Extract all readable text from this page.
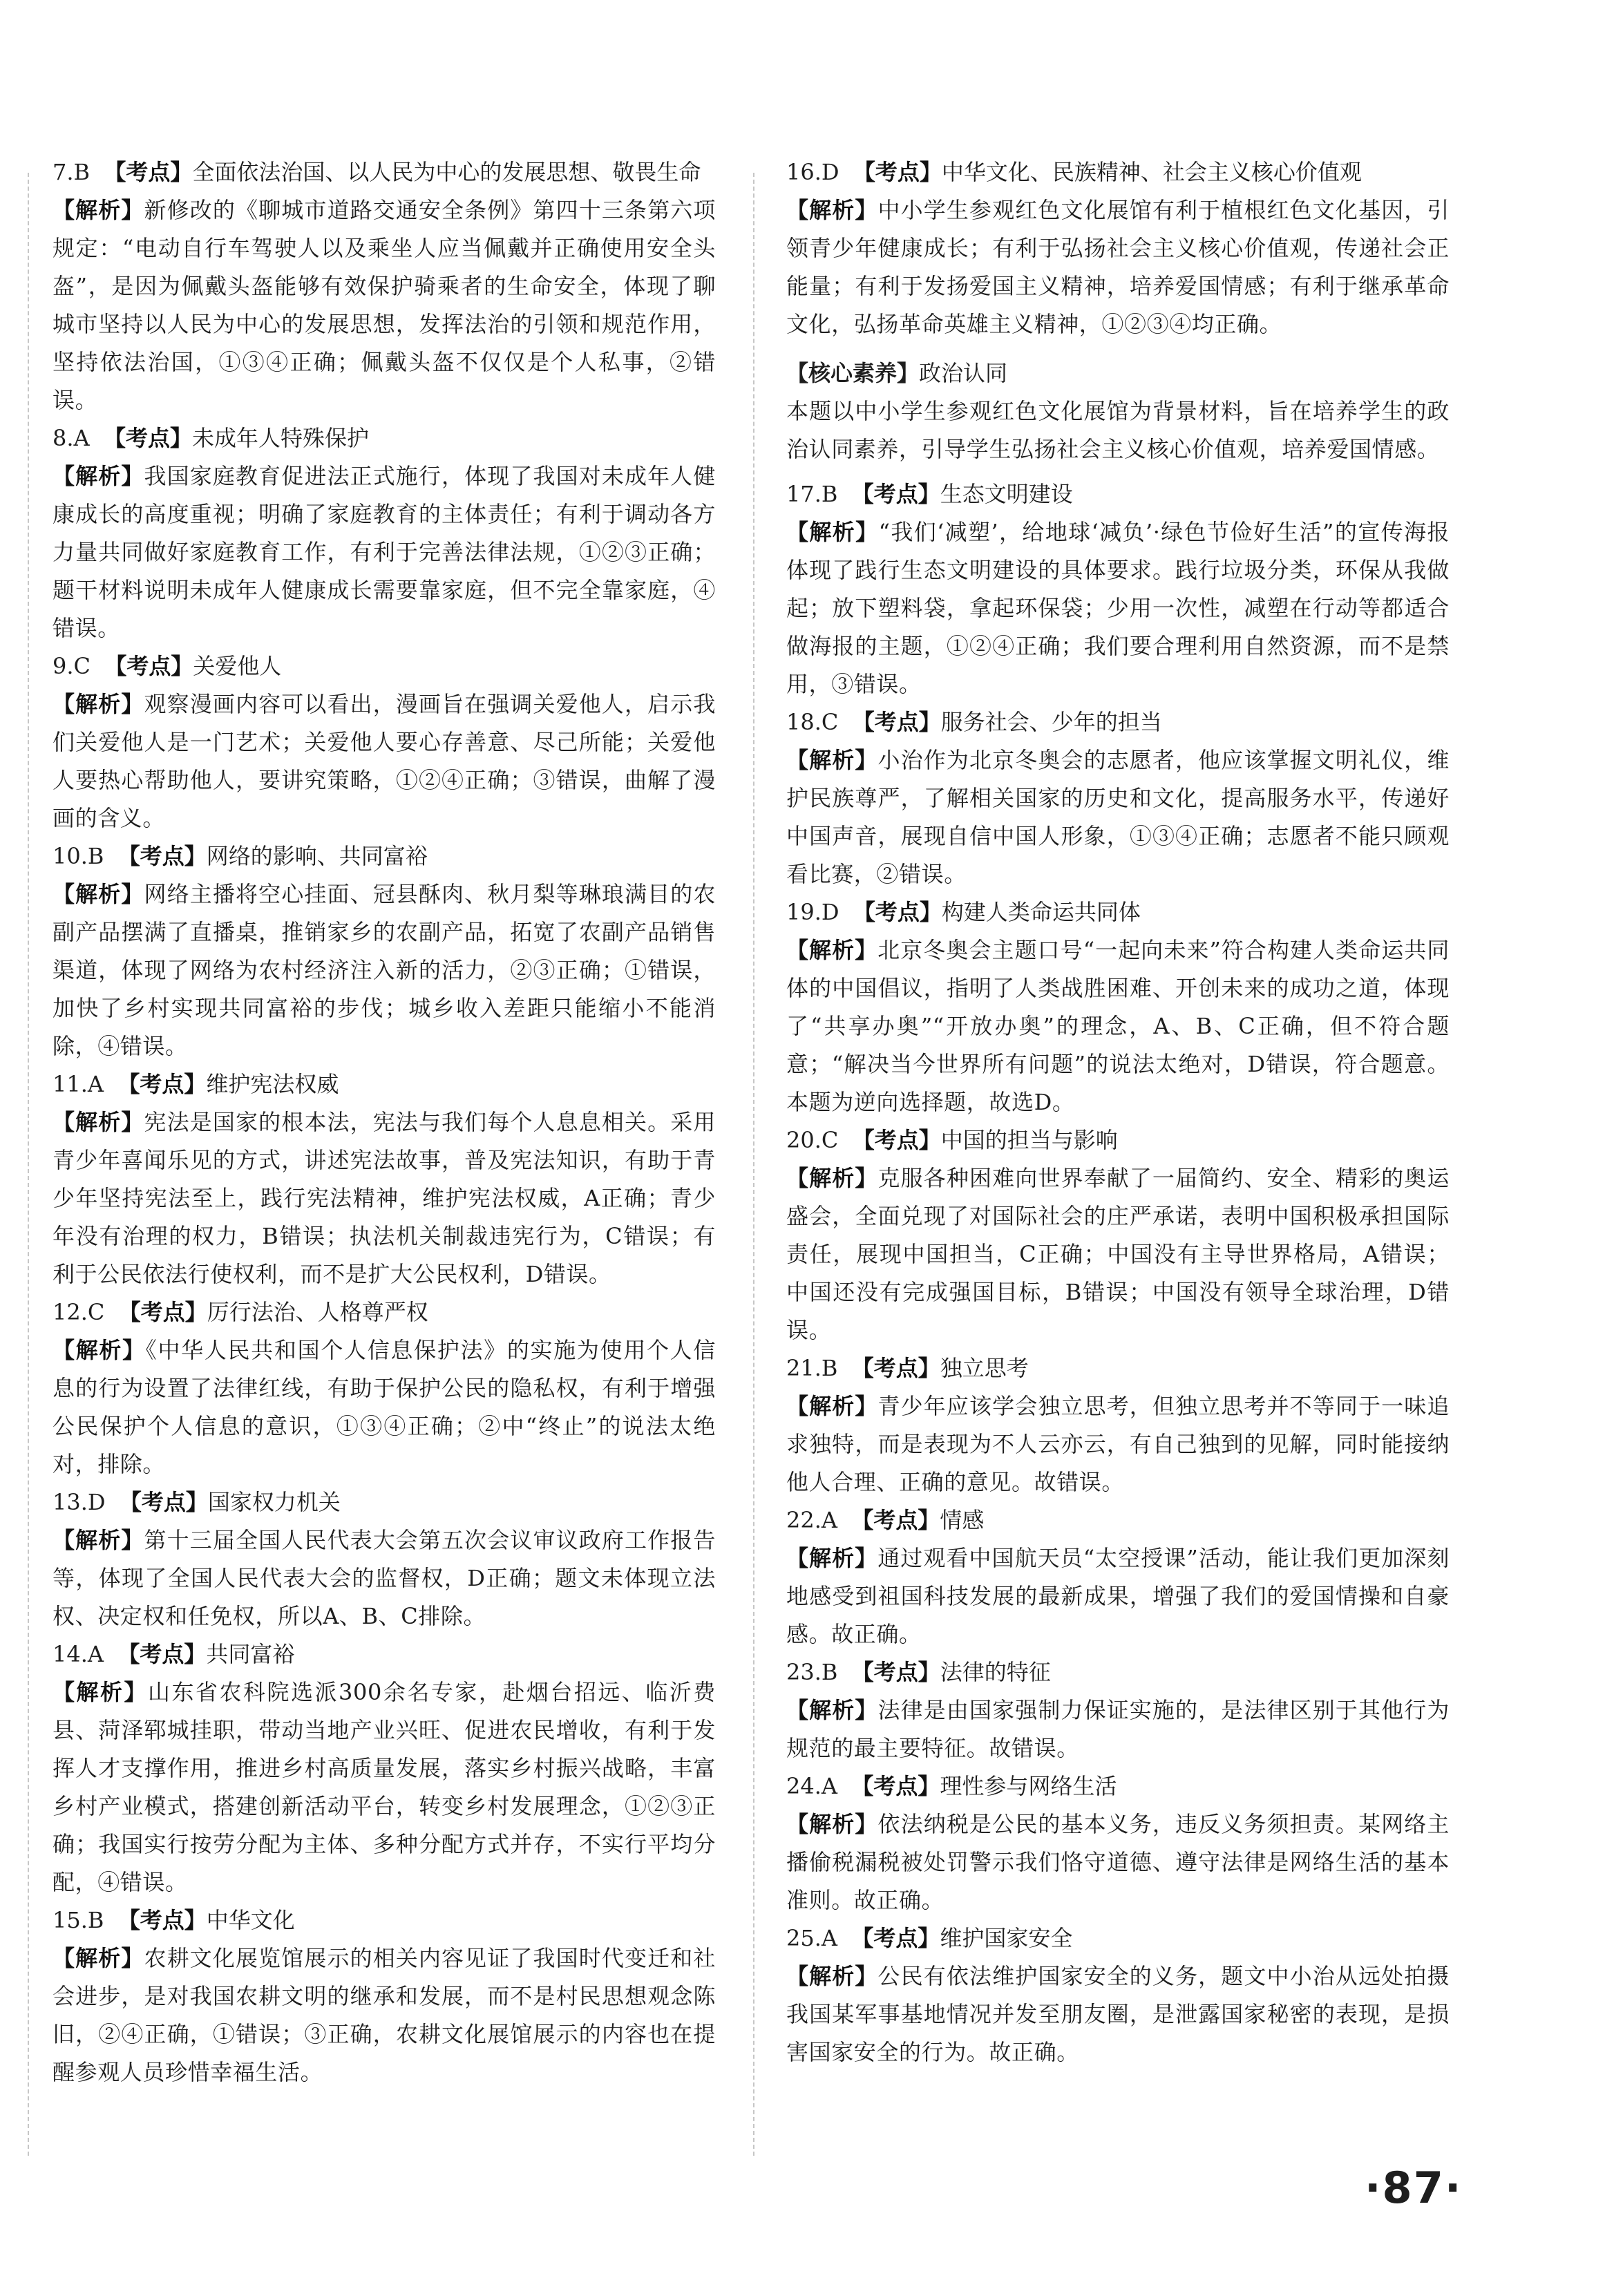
7.B 【考点】全面依法治国、以人民为中心的发展思想、敬畏生命
【解析】新修改的《聊城市道路交通安全条例》第四十三条第六项规定：“电动自行车驾驶人以及乘坐人应当佩戴并正确使用安全头盔”，是因为佩戴头盔能够有效保护骑乘者的生命安全，体现了聊城市坚持以人民为中心的发展思想，发挥法治的引领和规范作用，坚持依法治国，①③④正确；佩戴头盔不仅仅是个人私事，②错误。
8.A 【考点】未成年人特殊保护
【解析】我国家庭教育促进法正式施行，体现了我国对未成年人健康成长的高度重视；明确了家庭教育的主体责任；有利于调动各方力量共同做好家庭教育工作，有利于完善法律法规，①②③正确；题干材料说明未成年人健康成长需要靠家庭，但不完全靠家庭，④错误。
9.C 【考点】关爱他人
【解析】观察漫画内容可以看出，漫画旨在强调关爱他人，启示我们关爱他人是一门艺术；关爱他人要心存善意、尽己所能；关爱他人要热心帮助他人，要讲究策略，①②④正确；③错误，曲解了漫画的含义。
10.B 【考点】网络的影响、共同富裕
【解析】网络主播将空心挂面、冠县酥肉、秋月梨等琳琅满目的农副产品摆满了直播桌，推销家乡的农副产品，拓宽了农副产品销售渠道，体现了网络为农村经济注入新的活力，②③正确；①错误，加快了乡村实现共同富裕的步伐；城乡收入差距只能缩小不能消除，④错误。
11.A 【考点】维护宪法权威
【解析】宪法是国家的根本法，宪法与我们每个人息息相关。采用青少年喜闻乐见的方式，讲述宪法故事，普及宪法知识，有助于青少年坚持宪法至上，践行宪法精神，维护宪法权威，A正确；青少年没有治理的权力，B错误；执法机关制裁违宪行为，C错误；有利于公民依法行使权利，而不是扩大公民权利，D错误。
12.C 【考点】厉行法治、人格尊严权
【解析】《中华人民共和国个人信息保护法》的实施为使用个人信息的行为设置了法律红线，有助于保护公民的隐私权，有利于增强公民保护个人信息的意识，①③④正确；②中“终止”的说法太绝对，排除。
13.D 【考点】国家权力机关
【解析】第十三届全国人民代表大会第五次会议审议政府工作报告等，体现了全国人民代表大会的监督权，D正确；题文未体现立法权、决定权和任免权，所以A、B、C排除。
14.A 【考点】共同富裕
【解析】山东省农科院选派300余名专家，赴烟台招远、临沂费县、菏泽郓城挂职，带动当地产业兴旺、促进农民增收，有利于发挥人才支撑作用，推进乡村高质量发展，落实乡村振兴战略，丰富乡村产业模式，搭建创新活动平台，转变乡村发展理念，①②③正确；我国实行按劳分配为主体、多种分配方式并存，不实行平均分配，④错误。
15.B 【考点】中华文化
【解析】农耕文化展览馆展示的相关内容见证了我国时代变迁和社会进步，是对我国农耕文明的继承和发展，而不是村民思想观念陈旧，②④正确，①错误；③正确，农耕文化展馆展示的内容也在提醒参观人员珍惜幸福生活。
16.D 【考点】中华文化、民族精神、社会主义核心价值观
【解析】中小学生参观红色文化展馆有利于植根红色文化基因，引领青少年健康成长；有利于弘扬社会主义核心价值观，传递社会正能量；有利于发扬爱国主义精神，培养爱国情感；有利于继承革命文化，弘扬革命英雄主义精神，①②③④均正确。
【核心素养】政治认同
本题以中小学生参观红色文化展馆为背景材料，旨在培养学生的政治认同素养，引导学生弘扬社会主义核心价值观，培养爱国情感。
17.B 【考点】生态文明建设
【解析】“我们‘减塑’，给地球‘减负’·绿色节俭好生活”的宣传海报体现了践行生态文明建设的具体要求。践行垃圾分类，环保从我做起；放下塑料袋，拿起环保袋；少用一次性，减塑在行动等都适合做海报的主题，①②④正确；我们要合理利用自然资源，而不是禁用，③错误。
18.C 【考点】服务社会、少年的担当
【解析】小治作为北京冬奥会的志愿者，他应该掌握文明礼仪，维护民族尊严，了解相关国家的历史和文化，提高服务水平，传递好中国声音，展现自信中国人形象，①③④正确；志愿者不能只顾观看比赛，②错误。
19.D 【考点】构建人类命运共同体
【解析】北京冬奥会主题口号“一起向未来”符合构建人类命运共同体的中国倡议，指明了人类战胜困难、开创未来的成功之道，体现了“共享办奥”“开放办奥”的理念，A、B、C正确，但不符合题意；“解决当今世界所有问题”的说法太绝对，D错误，符合题意。本题为逆向选择题，故选D。
20.C 【考点】中国的担当与影响
【解析】克服各种困难向世界奉献了一届简约、安全、精彩的奥运盛会，全面兑现了对国际社会的庄严承诺，表明中国积极承担国际责任，展现中国担当，C正确；中国没有主导世界格局，A错误；中国还没有完成强国目标，B错误；中国没有领导全球治理，D错误。
21.B 【考点】独立思考
【解析】青少年应该学会独立思考，但独立思考并不等同于一味追求独特，而是表现为不人云亦云，有自己独到的见解，同时能接纳他人合理、正确的意见。故错误。
22.A 【考点】情感
【解析】通过观看中国航天员“太空授课”活动，能让我们更加深刻地感受到祖国科技发展的最新成果，增强了我们的爱国情操和自豪感。故正确。
23.B 【考点】法律的特征
【解析】法律是由国家强制力保证实施的，是法律区别于其他行为规范的最主要特征。故错误。
24.A 【考点】理性参与网络生活
【解析】依法纳税是公民的基本义务，违反义务须担责。某网络主播偷税漏税被处罚警示我们恪守道德、遵守法律是网络生活的基本准则。故正确。
25.A 【考点】维护国家安全
【解析】公民有依法维护国家安全的义务，题文中小治从远处拍摄我国某军事基地情况并发至朋友圈，是泄露国家秘密的表现，是损害国家安全的行为。故正确。
·87·
